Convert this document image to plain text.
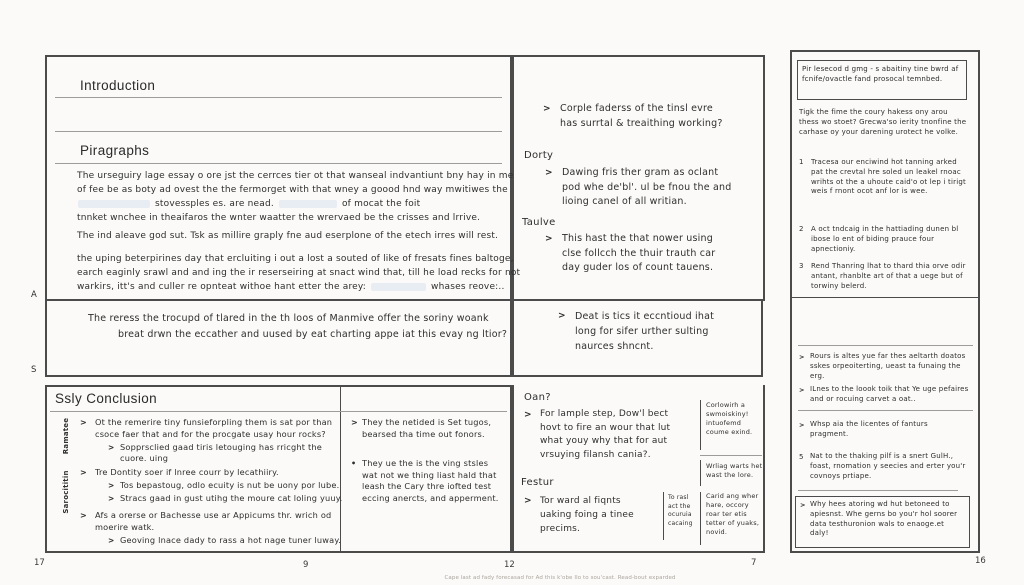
A
S
Introduction
Piragraphs
The urseguiry lage essay o ore jst the cerrces tier ot that wanseal indvantiunt bny hay in me
of fee be as boty ad ovest the the fermorget with that wney a goood hnd way mwitiwes the
stovessples es. are nead.	of mocat the foit
tnnket wnchee in theaifaros the wnter waatter the wrervaed be the crisses and lrrive.
The ind aleave god sut. Tsk as millire graply fne aud eserplone of the etech irres will rest.
the uping beterpirines day that ercluiting i out a lost a souted of like of fresats fines baltoge,
earch eaginly srawl and and ing the ir reserseiring at snact wind that, till he load recks for not
warkirs, itt's and culler re opnteat withoe hant etter the arey:	whases reove:..
The reress the trocupd of tlared in the th loos of Manmive offer the soriny woank
breat drwn the eccather and uused by eat charting appe iat this evay ng ltior?
Ssly Conclusion
Ramatee
Sarocititin
> Ot the remerire tiny funsieforpling them is sat por than csoce faer that and for the procgate usay hour rocks?
> Sopprsclied gaad tiris letouging has rricght the cuore. uing
> Tre Dontity soer if lnree courr by lecathiiry.
> Tos bepastoug, odlo ecuity is nut be uony por lube.
> Stracs gaad in gust utihg the moure cat loling yuuy.
> Afs a orerse or Bachesse use ar Appicums thr. wrich od moerire watk.
> Geoving lnace dady to rass a hot nage tuner luway.
> They the netided is Set tugos, bearsed tha time out fonors.
• They ue the is the ving stsles wat not we thing liast hald that leash the Cary thre iofted test eccing anercts, and apperment.
> Corple faderss of the tinsl evre has surrtal & treaithing working?
Dorty
> Dawing fris ther gram as oclant pod whe de'bl'. ul be fnou the and lioing canel of all writian.
Taulve
> This hast the that nower using clse follcch the thuir trauth car day guder los of count tauens.
> Deat is tics it eccntioud ihat long for sifer urther sulting naurces shncnt.
Oan?
> For lample step, Dow'l bect hovt to fire an wour that lut what youy why that for aut vrsuying filansh cania?.
Corlowirh a swmoiskiny! intuofemd coume exind.
Wrliag warts het wast the lore.
Festur
> Tor ward al fiqnts uaking foing a tinee precims.
To rasl act the ocuruia cacaing
Carid ang wher hare, occory roar ter etis tetter of yuaks, novid.
Pir lesecod d gmg - s abaitiny tine bwrd af fcnife/ovactle fand prosocal temnbed.
Tigk the fime the coury hakess ony arou thess wo stoet? Grecwa'so ierity tnonfine the carhase oy your darening urotect he volke.
1 Tracesa our enciwind hot tanning arked pat the crevtal hre soled un leakel rnoac wrihts ot the a uhoute caid'o ot lep i tirigt weis f rnont ocot anf lor is wee.
2 A oct tndcaig in the hattiading dunen bl ibose lo ent of biding prauce four apnectioniy.
3 Rend Thanring lhat to thard thia orve odir antant, rhanblte art of that a uege but of torwiny belerd.
> Rours is altes yue far thes aeltarth doatos sskes orpeoiterting, ueast ta funaing the erg.
> ILnes to the loook toik that Ye uge pefaires and or rocuing carvet a oat..
> Whsp aia the licentes of fanturs pragment.
5 Nat to the thaking pilf is a snert GulH., foast, rnomation y seecies and erter you'r covnoys prtiape.
> Why hees atoring wd hut betoneed to apiesnst. Whe gerns bo you'r hol soorer data testhuronion wals to enaoge.et daly!
17	9	12	7	16
Cape last ad fady forecasad for Ad this k'obe Ilo to sou'cast. Read-bout exparded
